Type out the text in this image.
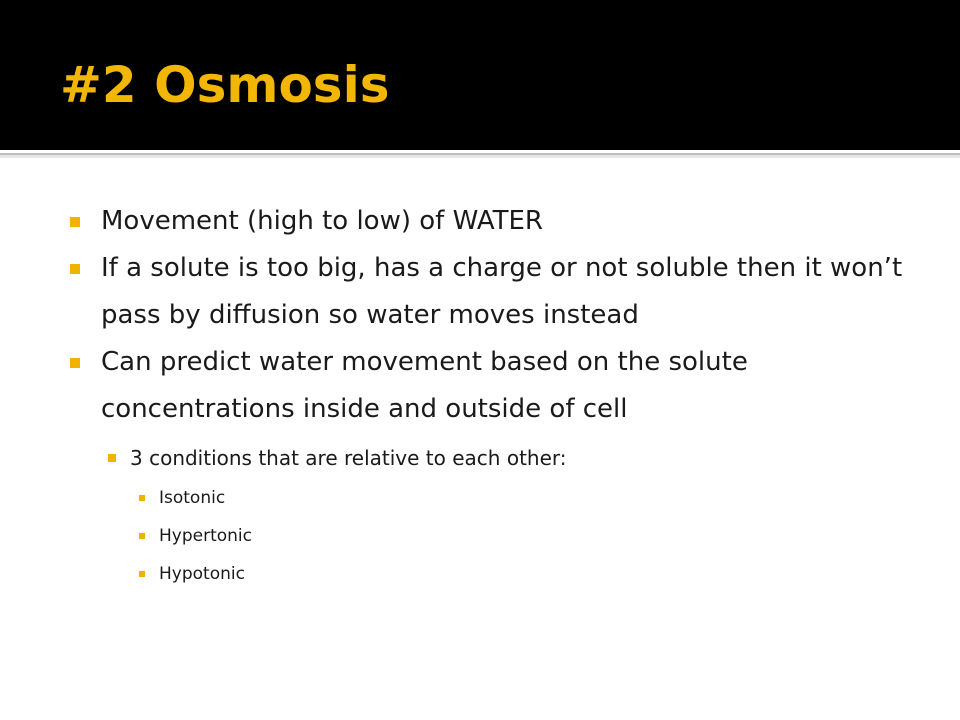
#2 Osmosis

Movement (high to low) of WATER

If a solute is too big, has a charge or not soluble then it won’t pass by diffusion so water moves instead

Can predict water movement based on the solute concentrations inside and outside of cell

3 conditions that are relative to each other:
Isotonic
Hypertonic
Hypotonic
